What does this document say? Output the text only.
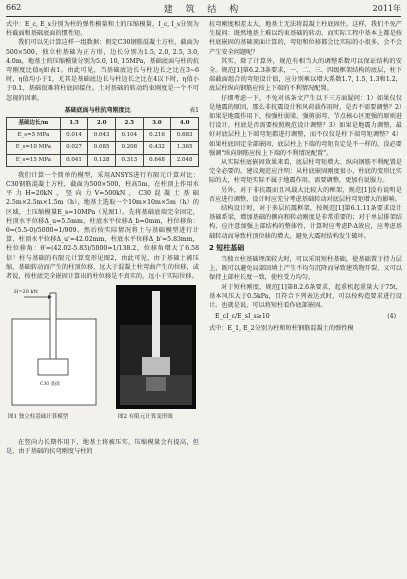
662	建 筑 结 构	2011年

式中：E_c, E_s分别为柱的弹性模量和土的压缩模量，I_c, I_s分别为柱截面和基础底面的惯性矩。

我们可以先计算这样一组数据：假定C30钢筋混凝土方柱，截面为500×500，独立柱基础为正方形，边长分别为1.5, 2.0, 2.5, 3.0, 4.0m，地基土的压缩模量分别为5.0, 10, 15MPa，基础底面与柱的抗弯刚度比值η如表1。由此可见，当基础底边长与柱边长之比在3~6时，η值均小于1，尤其是基础底边长与柱边长之比在4以下时，η值小于0.1，基础很难将柱底固接住。土对基础的转动约束刚度是一个不可忽视的因素。

基础底面与柱抗弯刚度比	表1
基础边长/m	1.5	2.0	2.5	3.0	4.0
E_s=5 MPa	0.014	0.043	0.104	0.216	0.683
E_s=10 MPa	0.027	0.085	0.208	0.432	1.365
E_s=15 MPa	0.041	0.128	0.313	0.648	2.048

我们计算一个简单的模型，采用ANSYS进行有限元计算对比：C30钢筋混凝土方柱，截面为500×500，柱高5m，在柱顶上作用水平力H=20kN，竖向力V=500kN，C30混凝土基础2.5m×2.5m×1.5m（h），地基土选取一个10m×10m×5m（h）的区域，土压缩模量E_s=10MPa（见图1）。先将基础底端完全固定，柱顶水平位移Δ_u=5.5mm，柱底水平位移Δ_b=0mm，柱位移角：θ=(5.5-0)/5000=1/909。然后按实际情况将土与基础模型进行计算，柱顶水平位移Δ_u'=42.02mm，柱底水平位移Δ_b'=5.83mm，柱位移角：θ'=(42.02-5.83)/5000=1/138.2，位移角增大了6.58倍！柱与基础的有限元计算变形见图2，由此可见，由于基础土被压缩，基础转动而产生的柱顶位移，远大于混凝土柱弯曲产生的位移，或者说，按柱底完全嵌固计算出的柱位移是不真实的，远小于实际位移。

H=20 kN
C30 基础
图1 独立柱基础计算模型	图2 有限元计算变形图

在竖向力长期作用下，地基土将被压实，压缩模量会有提高，但是，由于基础的抗弯刚度与柱的

抗弯刚度相差太大，地基土无法将混凝土柱底固住。这样，我们不免产生疑问：既然地基土难以约束基础的转动，而实际工程中基本上都是按柱底嵌固的基础顶面计算的，弯矩和位移都会比实际的小很多，会不会产生安全问题呢？

其实，除了计算外，规范有相当大的调整系数可以保证结构的安全。规范[1]第6.2.3条要求，一、二、三、四级框架结构的底层，柱下端截面组合的弯矩设计值，应分别乘以增大系数1.7, 1.5, 1.3和1.2，底层柱纵向钢筋应按上下端的不利情况配置。

仔细考虑一下，不免对该条文产生以下三方面疑问：1）如果仅仅是地震的原因，那么非抗震设计和风荷载作用时，是否不需要调整？2）如果是地震作用下，按强柱弱梁、强剪弱弯、节点核心区更强的原则进行设计，柱底是否需要按照规范设计调整？3）如果是地震力调整，最好对底层柱上下端弯矩都进行调整，而不仅仅是柱下端弯矩调整？4）如果柱底固定全部嵌固，底层柱上下端的弯矩肯定是不一样的，没必要强调"纵向钢筋应按上下端的不利情况配置"。

从实际柱底嵌固效果来看，底层柱弯矩增大、纵向钢筋不利配置是完全必要的。建议规范应注明：从柱底嵌固刚度很小，柱底的变形比实际的大，柱弯矩实际不属于地震作用，需要调整，更加有说服力。

另外，对于非抗震而且风载大比较大的框架，规范[1]没有说明是否应进行调整，设计时应充分考虑基础转动对底层柱弯矩增大的影响。

结构设计时，对于多层抗震框架，按规范[1]第6.1.11条要求设计基础系梁，增加基础的侧向和转动刚度是非常重要的；对于单层排架结构，应注意加强上部结构的整体性，计算时应考虑P-Δ效应，应考虑基础转动而导致柱顶位移的增大，避免大震时结构发生破坏。

2 短柱基础

当独立柱基础埋深较大时，可以采用短柱基础，使基础置于持力层上，既可以避免局部回填土产生不均匀沉降而导致建筑物开裂，又可以保持上部柱长度一致，使柱受力均匀。

对于短柱刚度，规范[1]第8.2.6条要求，起重机起重量大于75t，基本风压大于0.5kPa，且符合下列表达式时，可以按构造要求进行设计。也就是说，可以将短柱看作底部嵌固。

E_cI_c/E_sI_s≥10	(4)

式中：E_1, E_2分别为柱和短柱钢筋混凝土的弹性模
